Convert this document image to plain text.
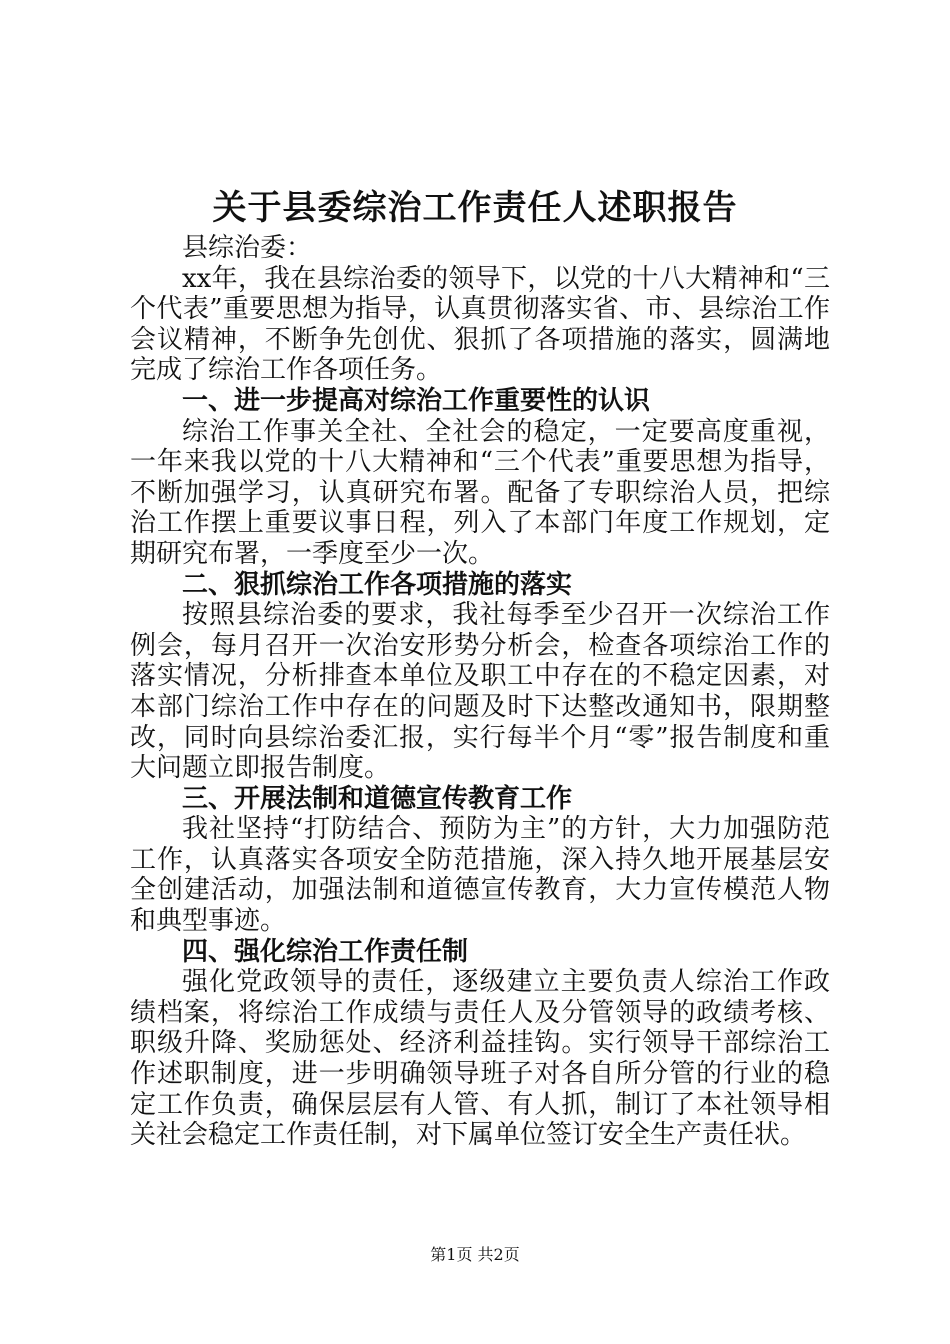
关于县委综治工作责任人述职报告

县综治委：

xx年，我在县综治委的领导下，以党的十八大精神和“三个代表”重要思想为指导，认真贯彻落实省、市、县综治工作会议精神，不断争先创优、狠抓了各项措施的落实，圆满地完成了综治工作各项任务。

一、进一步提高对综治工作重要性的认识

综治工作事关全社、全社会的稳定，一定要高度重视，一年来我以党的十八大精神和“三个代表”重要思想为指导，不断加强学习，认真研究布署。配备了专职综治人员，把综治工作摆上重要议事日程，列入了本部门年度工作规划，定期研究布署，一季度至少一次。

二、狠抓综治工作各项措施的落实

按照县综治委的要求，我社每季至少召开一次综治工作例会，每月召开一次治安形势分析会，检查各项综治工作的落实情况，分析排查本单位及职工中存在的不稳定因素，对本部门综治工作中存在的问题及时下达整改通知书，限期整改，同时向县综治委汇报，实行每半个月“零”报告制度和重大问题立即报告制度。

三、开展法制和道德宣传教育工作

我社坚持“打防结合、预防为主”的方针，大力加强防范工作，认真落实各项安全防范措施，深入持久地开展基层安全创建活动，加强法制和道德宣传教育，大力宣传模范人物和典型事迹。

四、强化综治工作责任制

强化党政领导的责任，逐级建立主要负责人综治工作政绩档案，将综治工作成绩与责任人及分管领导的政绩考核、职级升降、奖励惩处、经济利益挂钩。实行领导干部综治工作述职制度，进一步明确领导班子对各自所分管的行业的稳定工作负责，确保层层有人管、有人抓，制订了本社领导相关社会稳定工作责任制，对下属单位签订安全生产责任状。

第1页 共2页
